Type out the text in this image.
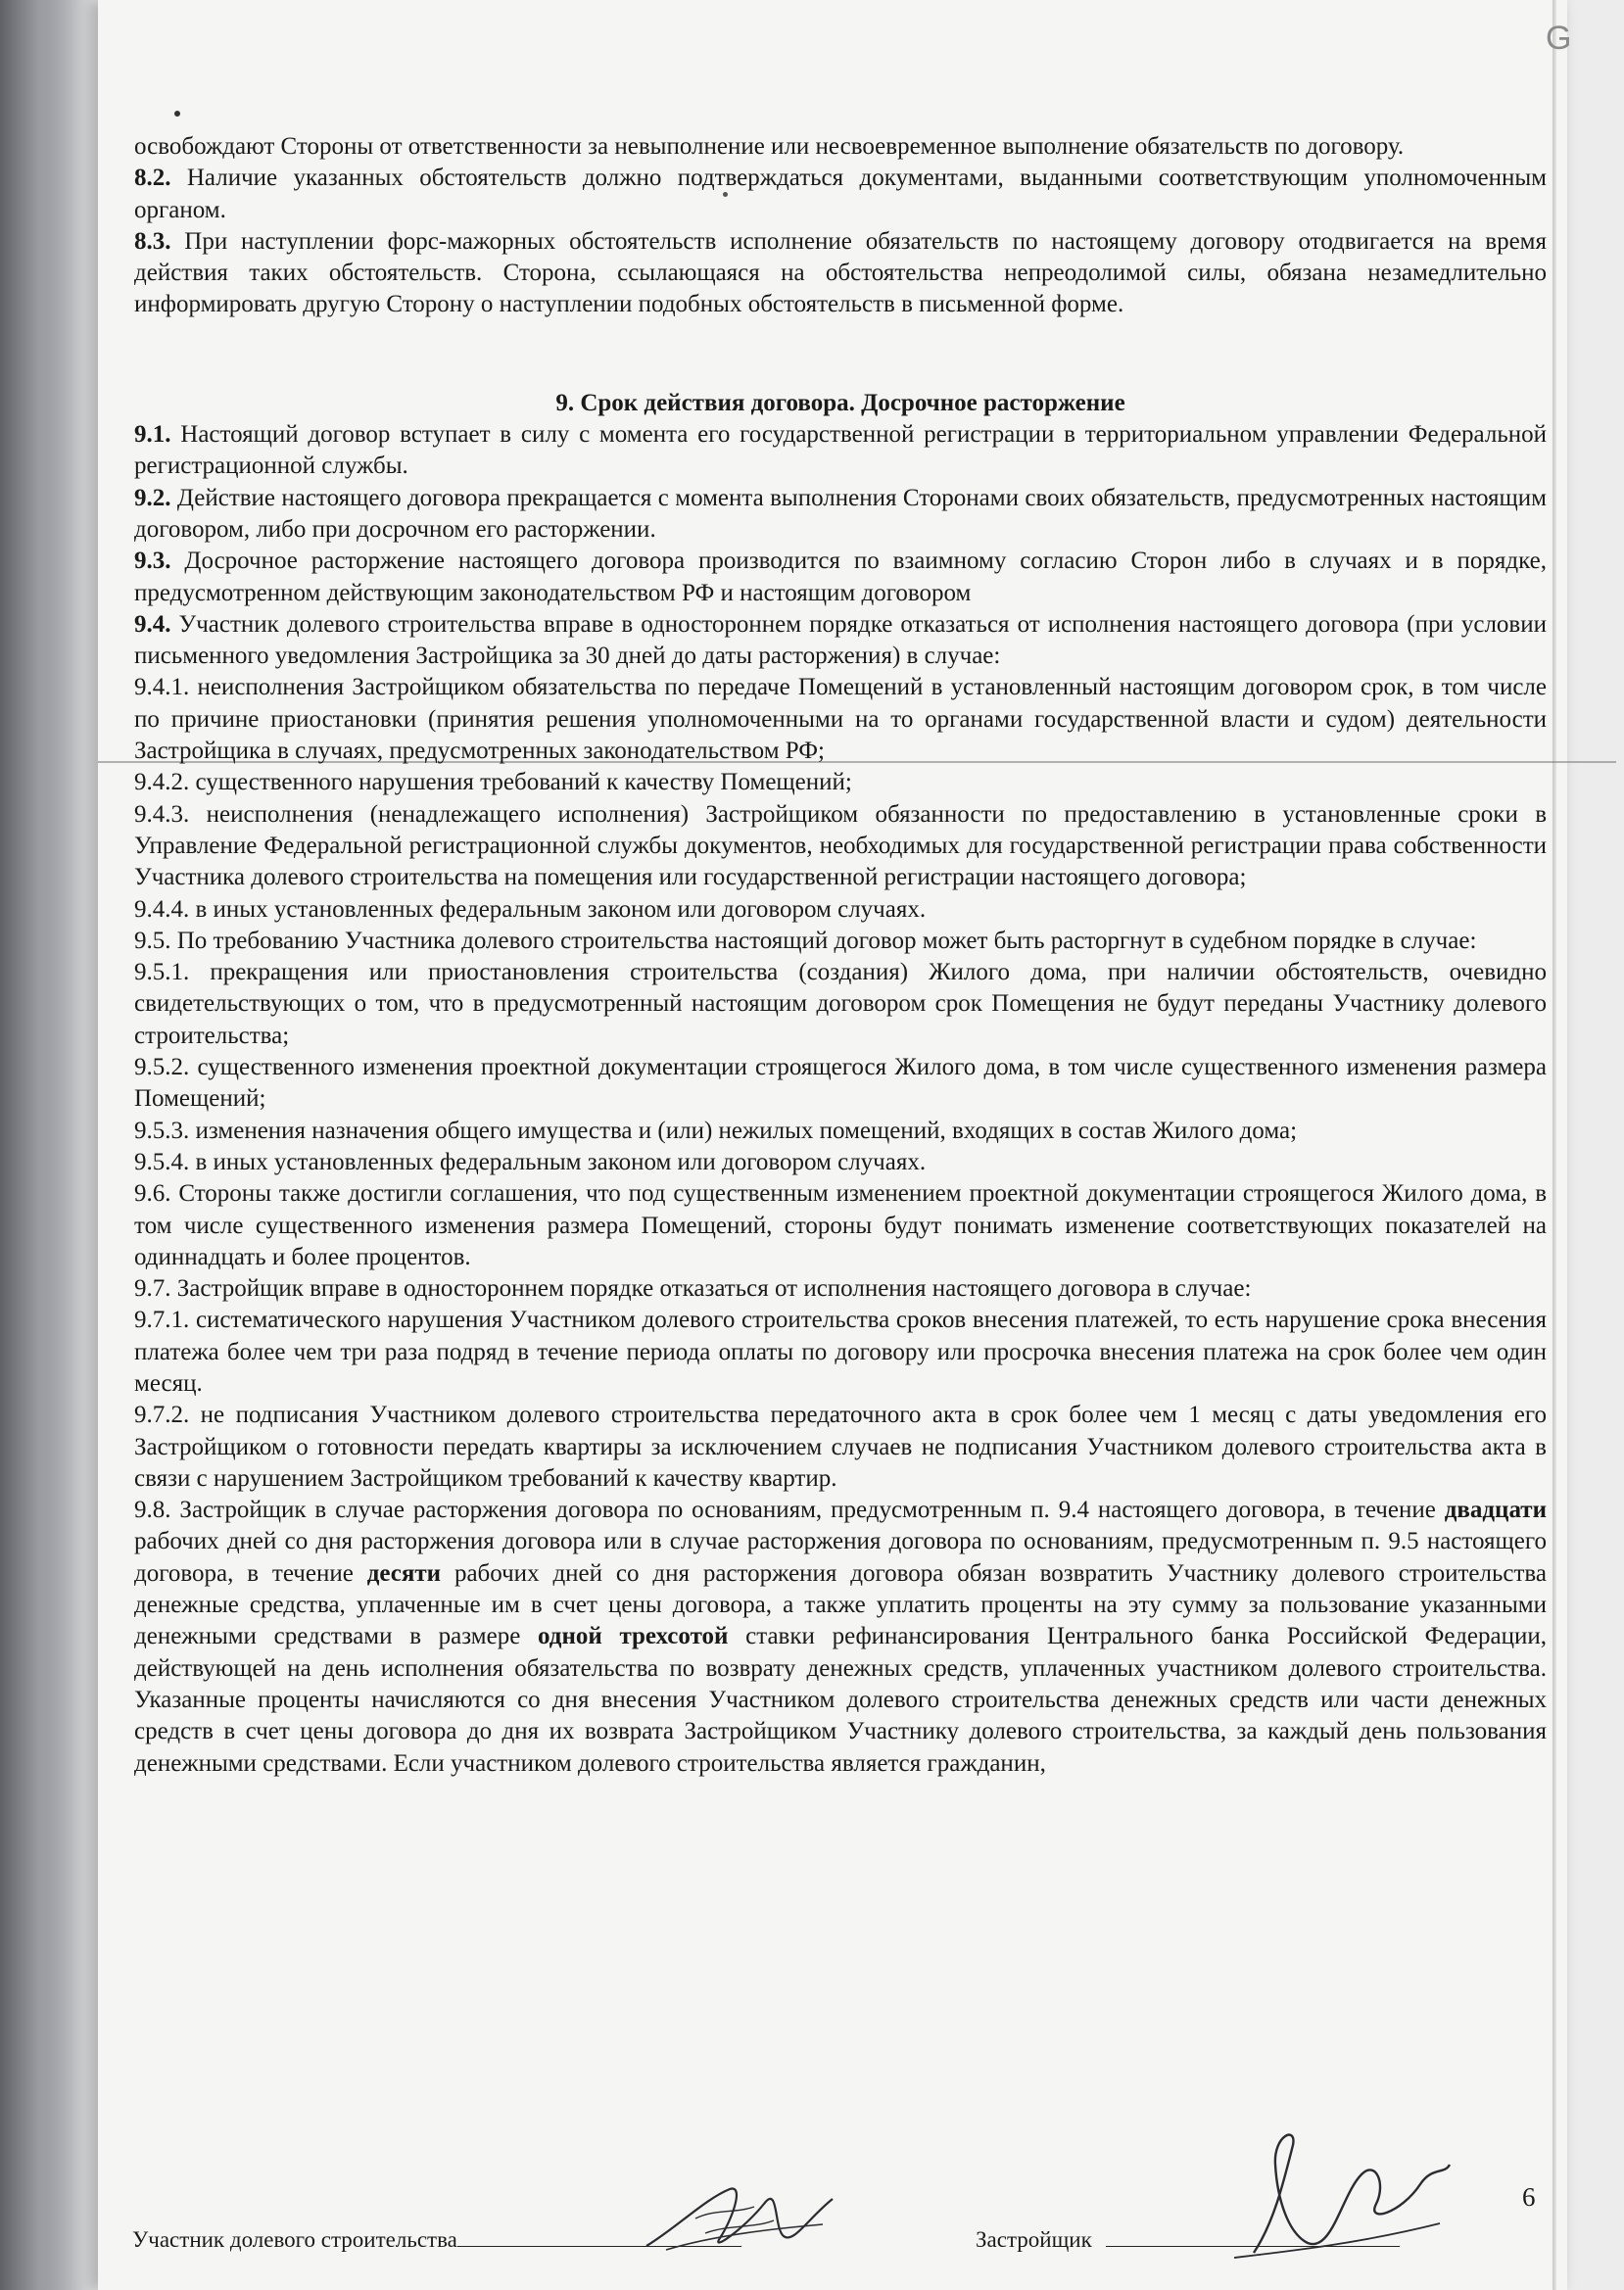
G

освобождают Стороны от ответственности за невыполнение или несвоевременное выполнение обязательств по договору.

8.2. Наличие указанных обстоятельств должно подтверждаться документами, выданными соответствующим уполномоченным органом.

8.3. При наступлении форс-мажорных обстоятельств исполнение обязательств по настоящему договору отодвигается на время действия таких обстоятельств. Сторона, ссылающаяся на обстоятельства непреодолимой силы, обязана незамедлительно информировать другую Сторону о наступлении подобных обстоятельств в письменной форме.

9. Срок действия договора. Досрочное расторжение

9.1. Настоящий договор вступает в силу с момента его государственной регистрации в территориальном управлении Федеральной регистрационной службы.

9.2. Действие настоящего договора прекращается с момента выполнения Сторонами своих обязательств, предусмотренных настоящим договором, либо при досрочном его расторжении.

9.3. Досрочное расторжение настоящего договора производится по взаимному согласию Сторон либо в случаях и в порядке, предусмотренном действующим законодательством РФ и настоящим договором

9.4. Участник долевого строительства вправе в одностороннем порядке отказаться от исполнения настоящего договора (при условии письменного уведомления Застройщика за 30 дней до даты расторжения) в случае:

9.4.1. неисполнения Застройщиком обязательства по передаче Помещений в установленный настоящим договором срок, в том числе по причине приостановки (принятия решения уполномоченными на то органами государственной власти и судом) деятельности Застройщика в случаях, предусмотренных законодательством РФ;

9.4.2. существенного нарушения требований к качеству Помещений;

9.4.3. неисполнения (ненадлежащего исполнения) Застройщиком обязанности по предоставлению в установленные сроки в Управление Федеральной регистрационной службы документов, необходимых для государственной регистрации права собственности Участника долевого строительства на помещения или государственной регистрации настоящего договора;

9.4.4. в иных установленных федеральным законом или договором случаях.

9.5. По требованию Участника долевого строительства настоящий договор может быть расторгнут в судебном порядке в случае:

9.5.1. прекращения или приостановления строительства (создания) Жилого дома, при наличии обстоятельств, очевидно свидетельствующих о том, что в предусмотренный настоящим договором срок Помещения не будут переданы Участнику долевого строительства;

9.5.2. существенного изменения проектной документации строящегося Жилого дома, в том числе существенного изменения размера Помещений;

9.5.3. изменения назначения общего имущества и (или) нежилых помещений, входящих в состав Жилого дома;

9.5.4. в иных установленных федеральным законом или договором случаях.

9.6. Стороны также достигли соглашения, что под существенным изменением проектной документации строящегося Жилого дома, в том числе существенного изменения размера Помещений, стороны будут понимать изменение соответствующих показателей на одиннадцать и более процентов.

9.7. Застройщик вправе в одностороннем порядке отказаться от исполнения настоящего договора в случае:

9.7.1. систематического нарушения Участником долевого строительства сроков внесения платежей, то есть нарушение срока внесения платежа более чем три раза подряд в течение периода оплаты по договору или просрочка внесения платежа на срок более чем один месяц.

9.7.2. не подписания Участником долевого строительства передаточного акта в срок более чем 1 месяц с даты уведомления его Застройщиком о готовности передать квартиры за исключением случаев не подписания Участником долевого строительства акта в связи с нарушением Застройщиком требований к качеству квартир.

9.8. Застройщик в случае расторжения договора по основаниям, предусмотренным п. 9.4 настоящего договора, в течение двадцати рабочих дней со дня расторжения договора или в случае расторжения договора по основаниям, предусмотренным п. 9.5 настоящего договора, в течение десяти рабочих дней со дня расторжения договора обязан возвратить Участнику долевого строительства денежные средства, уплаченные им в счет цены договора, а также уплатить проценты на эту сумму за пользование указанными денежными средствами в размере одной трехсотой ставки рефинансирования Центрального банка Российской Федерации, действующей на день исполнения обязательства по возврату денежных средств, уплаченных участником долевого строительства. Указанные проценты начисляются со дня внесения Участником долевого строительства денежных средств или части денежных средств в счет цены договора до дня их возврата Застройщиком Участнику долевого строительства, за каждый день пользования денежными средствами. Если участником долевого строительства является гражданин,

6
Участник долевого строительства	Застройщик
